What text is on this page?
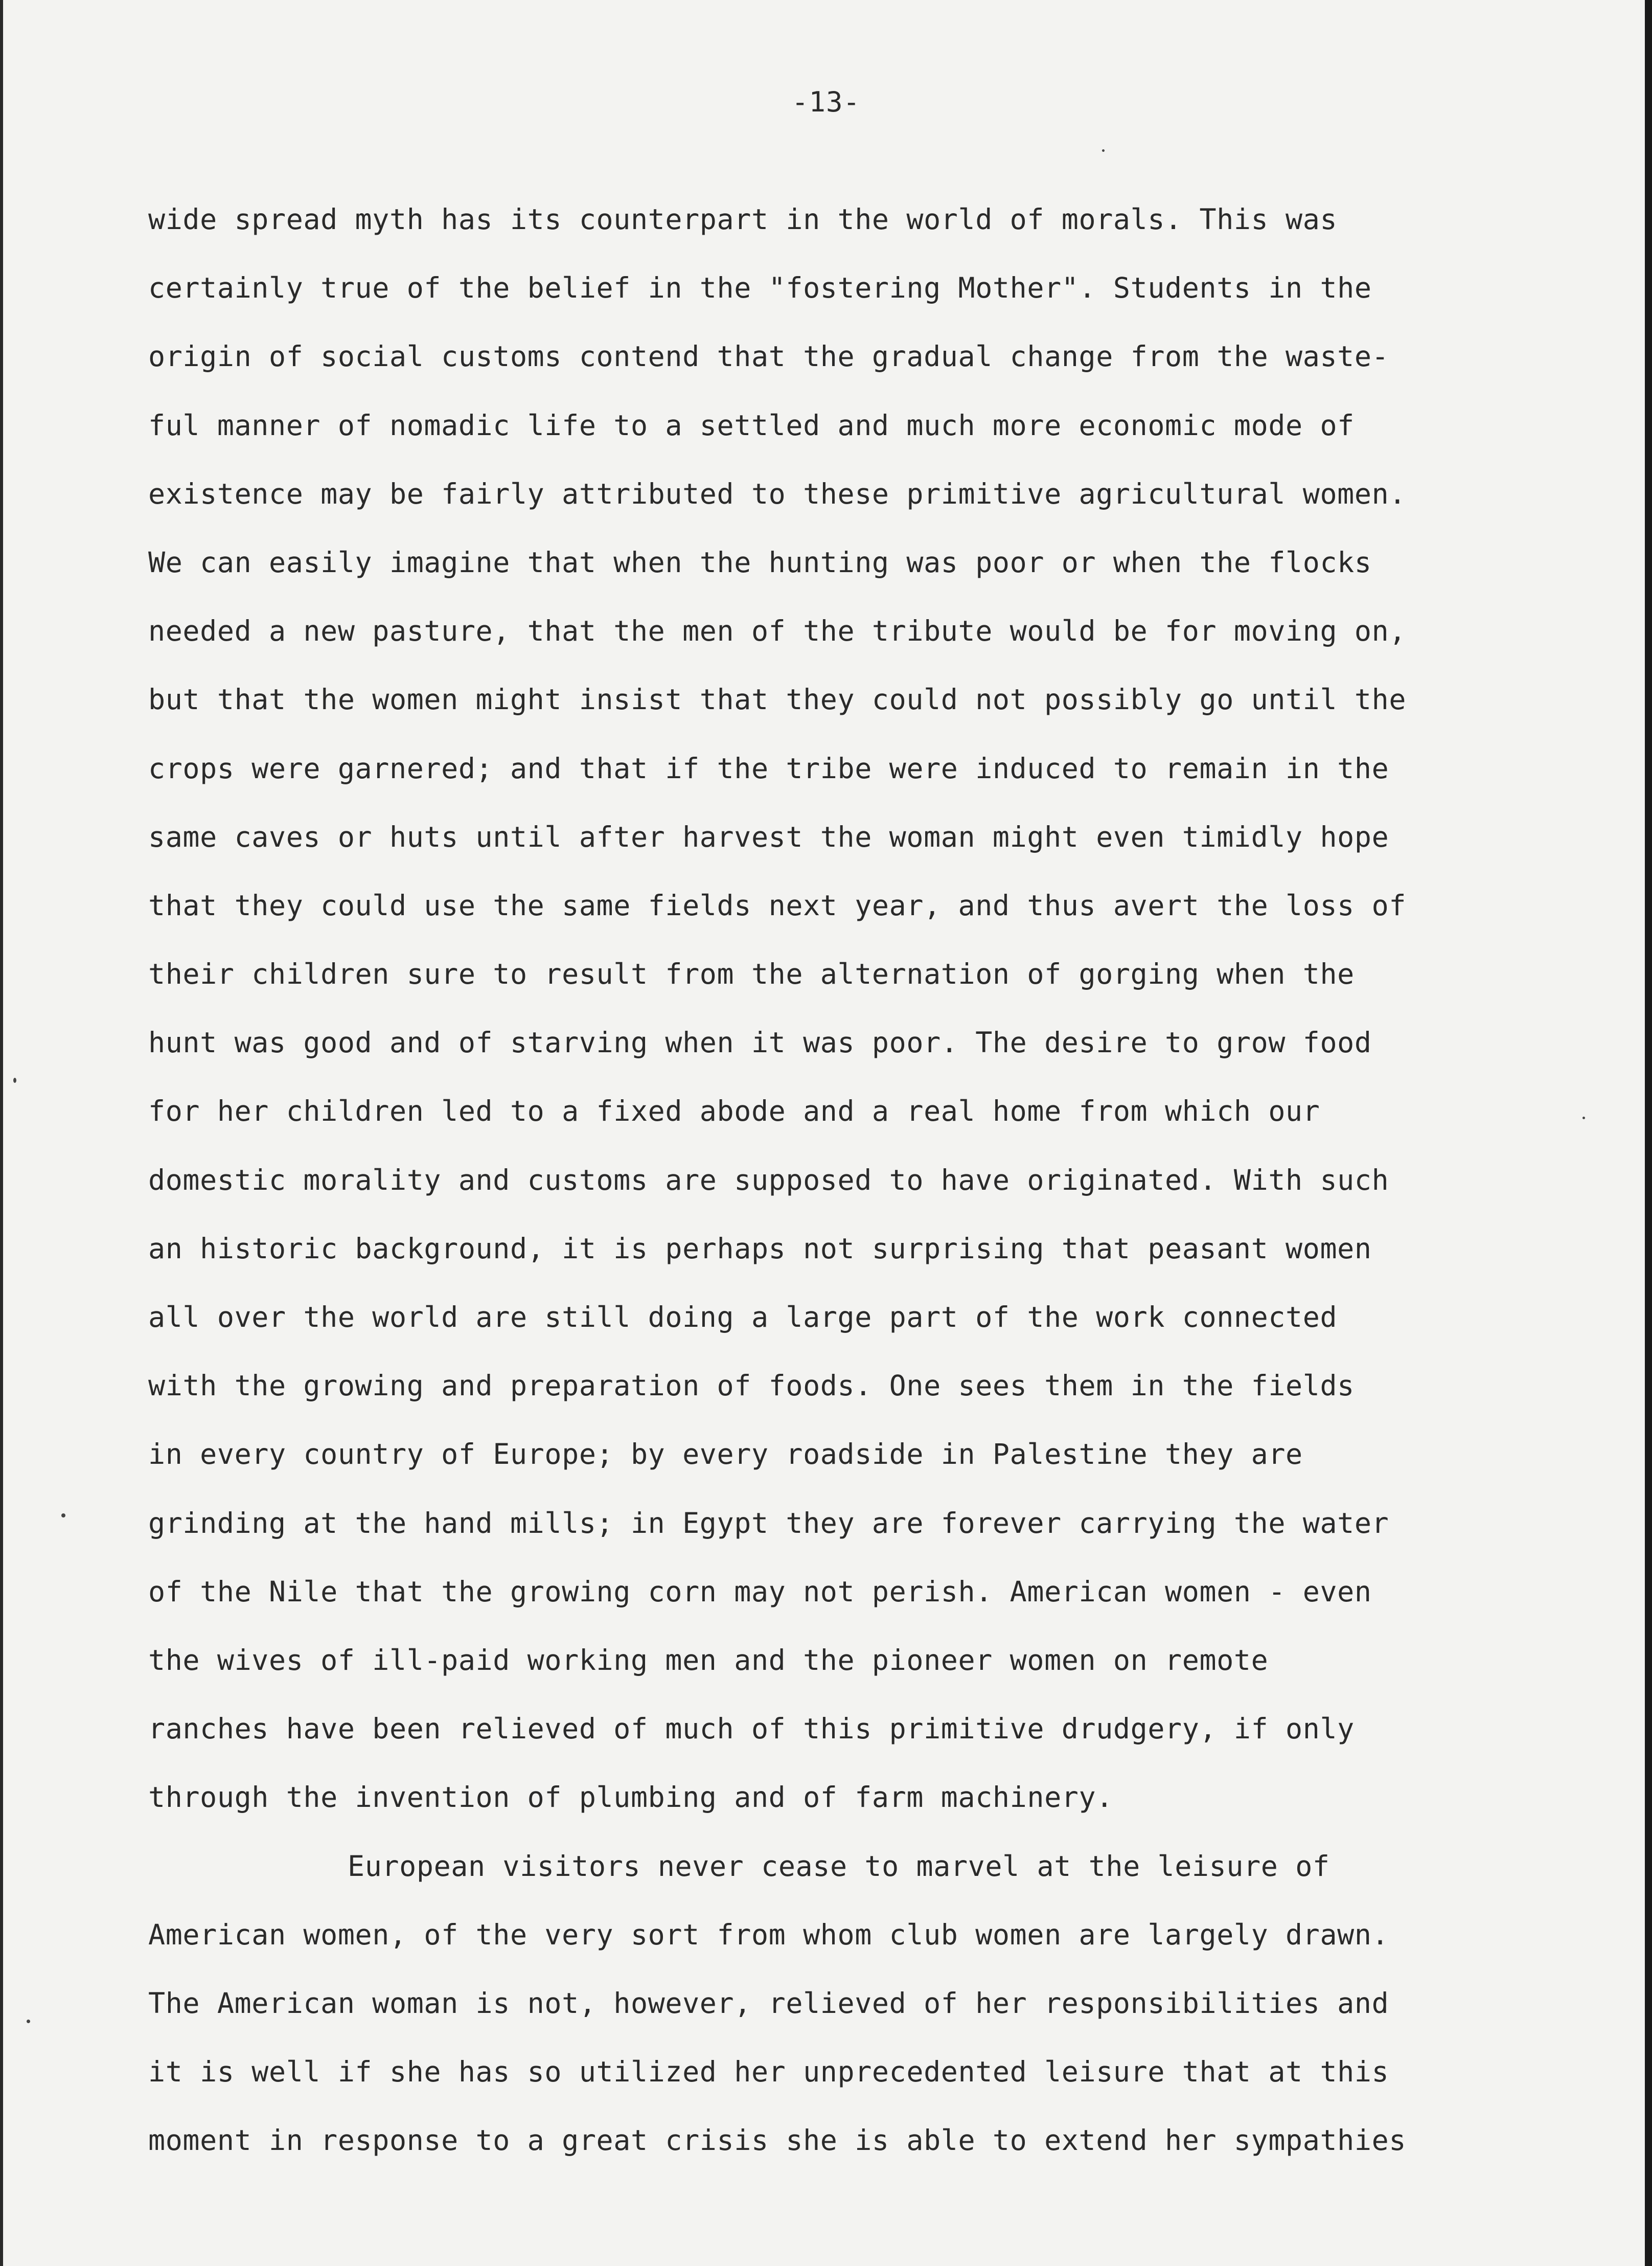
-13-
wide spread myth has its counterpart in the world of morals. This was
certainly true of the belief in the "fostering Mother". Students in the
origin of social customs contend that the gradual change from the waste-
ful manner of nomadic life to a settled and much more economic mode of
existence may be fairly attributed to these primitive agricultural women.
We can easily imagine that when the hunting was poor or when the flocks
needed a new pasture, that the men of the tribute would be for moving on,
but that the women might insist that they could not possibly go until the
crops were garnered; and that if the tribe were induced to remain in the
same caves or huts until after harvest the woman might even timidly hope
that they could use the same fields next year, and thus avert the loss of
their children sure to result from the alternation of gorging when the
hunt was good and of starving when it was poor. The desire to grow food
for her children led to a fixed abode and a real home from which our
domestic morality and customs are supposed to have originated. With such
an historic background, it is perhaps not surprising that peasant women
all over the world are still doing a large part of the work connected
with the growing and preparation of foods. One sees them in the fields
in every country of Europe; by every roadside in Palestine they are
grinding at the hand mills; in Egypt they are forever carrying the water
of the Nile that the growing corn may not perish. American women - even
the wives of ill-paid working men and the pioneer women on remote
ranches have been relieved of much of this primitive drudgery, if only
through the invention of plumbing and of farm machinery.
European visitors never cease to marvel at the leisure of
American women, of the very sort from whom club women are largely drawn.
The American woman is not, however, relieved of her responsibilities and
it is well if she has so utilized her unprecedented leisure that at this
moment in response to a great crisis she is able to extend her sympathies
